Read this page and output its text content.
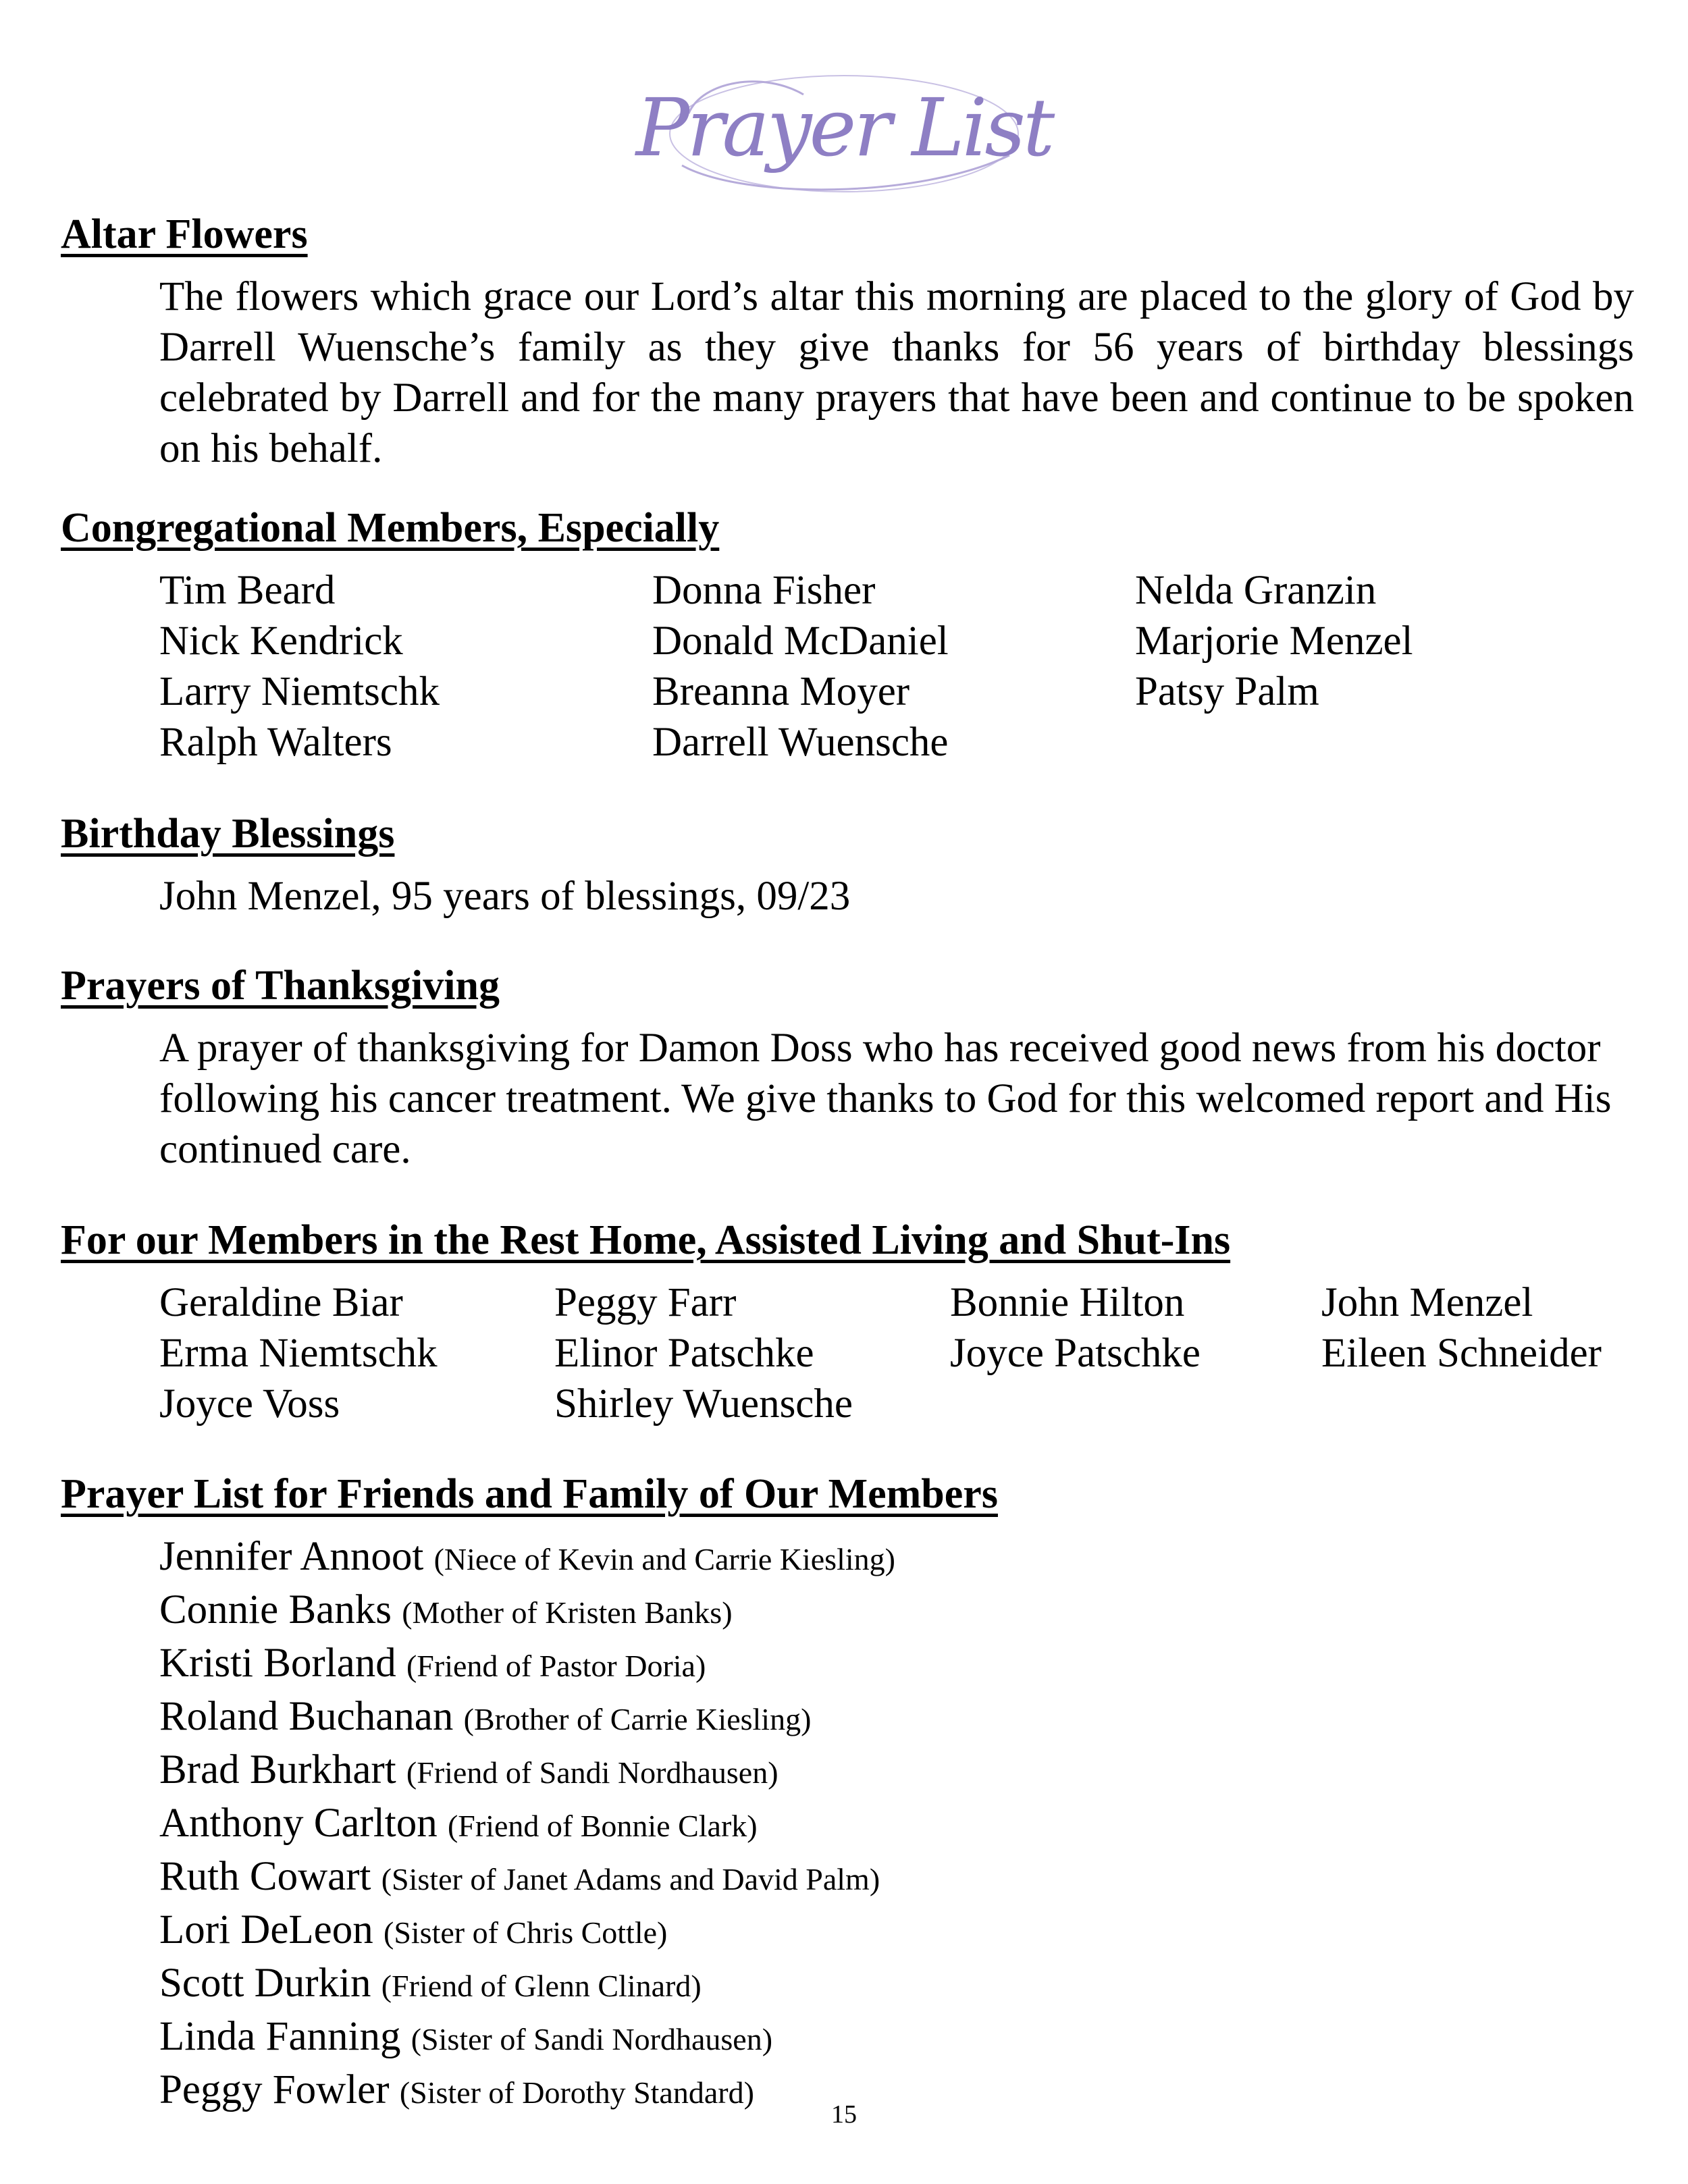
Prayer List
Altar Flowers
The flowers which grace our Lord’s altar this morning are placed to the glory of God by Darrell Wuensche’s family as they give thanks for 56 years of birthday blessings celebrated by Darrell and for the many prayers that have been and continue to be spoken on his behalf.
Congregational Members, Especially
Tim Beard	Donna Fisher	Nelda Granzin
Nick Kendrick	Donald McDaniel	Marjorie Menzel
Larry Niemtschk	Breanna Moyer	Patsy Palm
Ralph Walters	Darrell Wuensche
Birthday Blessings
John Menzel, 95 years of blessings, 09/23
Prayers of Thanksgiving
A prayer of thanksgiving for Damon Doss who has received good news from his doctor following his cancer treatment. We give thanks to God for this welcomed report and His continued care.
For our Members in the Rest Home, Assisted Living and Shut-Ins
Geraldine Biar	Peggy Farr	Bonnie Hilton	John Menzel
Erma Niemtschk	Elinor Patschke	Joyce Patschke	Eileen Schneider
Joyce Voss	Shirley Wuensche
Prayer List for Friends and Family of Our Members
Jennifer Annoot (Niece of Kevin and Carrie Kiesling)
Connie Banks (Mother of Kristen Banks)
Kristi Borland (Friend of Pastor Doria)
Roland Buchanan (Brother of Carrie Kiesling)
Brad Burkhart (Friend of Sandi Nordhausen)
Anthony Carlton (Friend of Bonnie Clark)
Ruth Cowart (Sister of Janet Adams and David Palm)
Lori DeLeon (Sister of Chris Cottle)
Scott Durkin (Friend of Glenn Clinard)
Linda Fanning (Sister of Sandi Nordhausen)
Peggy Fowler (Sister of Dorothy Standard)
15
